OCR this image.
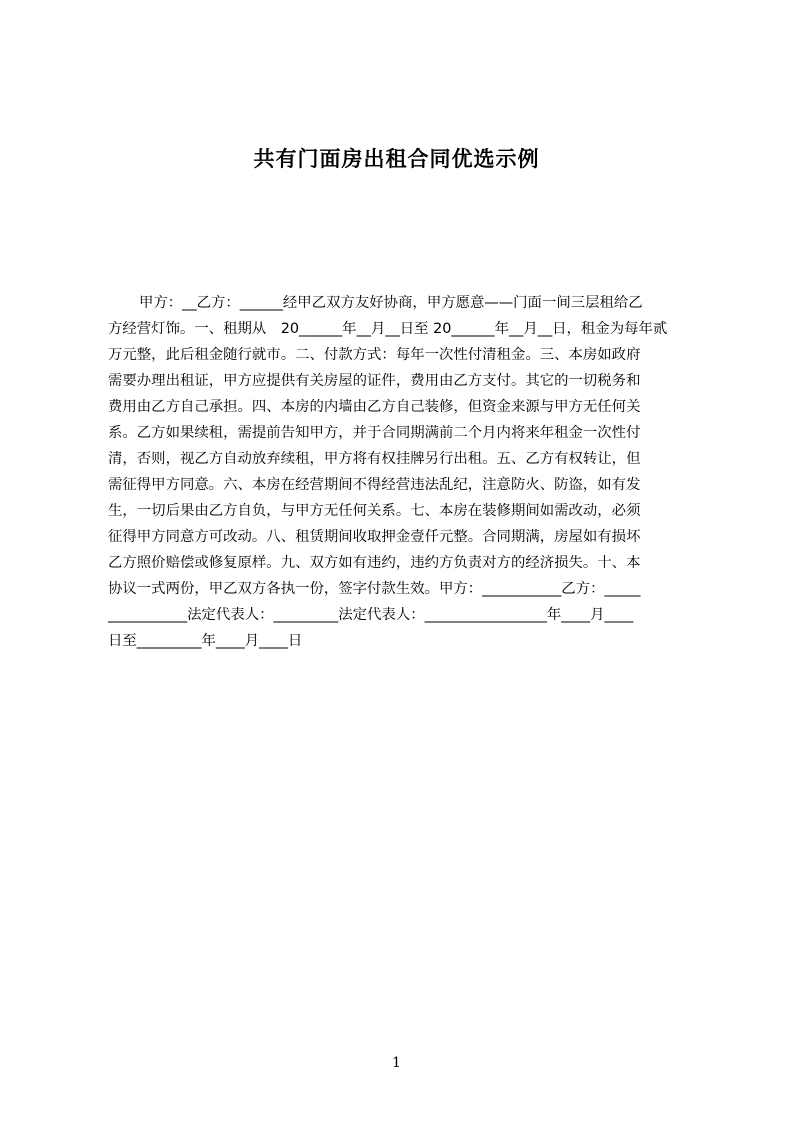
共有门面房出租合同优选示例
甲方：__乙方：______经甲乙双方友好协商，甲方愿意——门面一间三层租给乙
方经营灯饰。一、租期从　20______年__月__日至 20______年__月__日，租金为每年贰
万元整，此后租金随行就市。二、付款方式：每年一次性付清租金。三、本房如政府
需要办理出租证，甲方应提供有关房屋的证件，费用由乙方支付。其它的一切税务和
费用由乙方自己承担。四、本房的内墙由乙方自己装修，但资金来源与甲方无任何关
系。乙方如果续租，需提前告知甲方，并于合同期满前二个月内将来年租金一次性付
清，否则，视乙方自动放弃续租，甲方将有权挂牌另行出租。五、乙方有权转让，但
需征得甲方同意。六、本房在经营期间不得经营违法乱纪，注意防火、防盗，如有发
生，一切后果由乙方自负，与甲方无任何关系。七、本房在装修期间如需改动，必须
征得甲方同意方可改动。八、租赁期间收取押金壹仟元整。合同期满，房屋如有损坏
乙方照价赔偿或修复原样。九、双方如有违约，违约方负责对方的经济损失。十、本
协议一式两份，甲乙双方各执一份，签字付款生效。甲方：___________乙方：_____
___________法定代表人：_________法定代表人：_________________年____月____
日至_________年____月____日
1
